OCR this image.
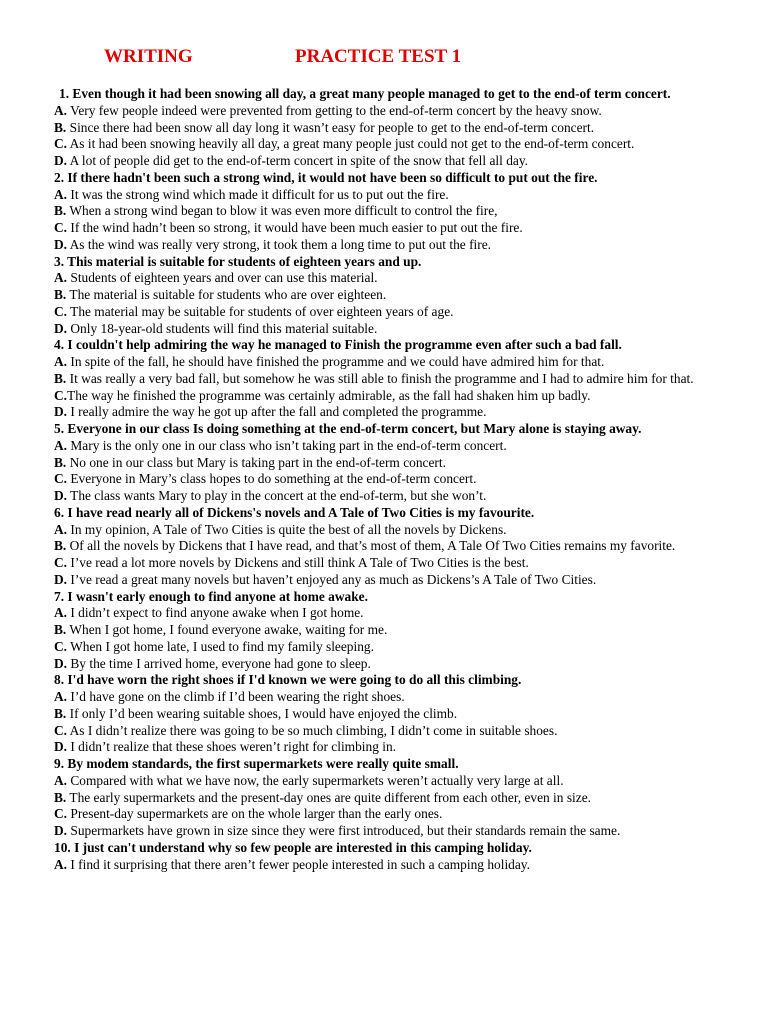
WRITING	PRACTICE TEST 1
1. Even though it had been snowing all day, a great many people managed to get to the end-of term concert.
A. Very few people indeed were prevented from getting to the end-of-term concert by the heavy snow.
B. Since there had been snow all day long it wasn’t easy for people to get to the end-of-term concert.
C. As it had been snowing heavily all day, a great many people just could not get to the end-of-term concert.
D. A lot of people did get to the end-of-term concert in spite of the snow that fell all day.
2. If there hadn't been such a strong wind, it would not have been so difficult to put out the fire.
A. It was the strong wind which made it difficult for us to put out the fire.
B. When a strong wind began to blow it was even more difficult to control the fire,
C. If the wind hadn’t been so strong, it would have been much easier to put out the fire.
D. As the wind was really very strong, it took them a long time to put out the fire.
3. This material is suitable for students of eighteen years and up.
A. Students of eighteen years and over can use this material.
B. The material is suitable for students who are over eighteen.
C. The material may be suitable for students of over eighteen years of age.
D. Only 18-year-old students will find this material suitable.
4. I couldn't help admiring the way he managed to Finish the programme even after such a bad fall.
A. In spite of the fall, he should have finished the programme and we could have admired him for that.
B. It was really a very bad fall, but somehow he was still able to finish the programme and I had to admire him for that.
C.The way he finished the programme was certainly admirable, as the fall had shaken him up badly.
D. I really admire the way he got up after the fall and completed the programme.
5. Everyone in our class Is doing something at the end-of-term concert, but Mary alone is staying away.
A. Mary is the only one in our class who isn’t taking part in the end-of-term concert.
B. No one in our class but Mary is taking part in the end-of-term concert.
C. Everyone in Mary’s class hopes to do something at the end-of-term concert.
D. The class wants Mary to play in the concert at the end-of-term, but she won’t.
6. I have read nearly all of Dickens's novels and A Tale of Two Cities is my favourite.
A. In my opinion, A Tale of Two Cities is quite the best of all the novels by Dickens.
B. Of all the novels by Dickens that I have read, and that’s most of them, A Tale Of Two Cities remains my favorite.
C. I’ve read a lot more novels by Dickens and still think A Tale of Two Cities is the best.
D. I’ve read a great many novels but haven’t enjoyed any as much as Dickens’s A Tale of Two Cities.
7. I wasn't early enough to find anyone at home awake.
A. I didn’t expect to find anyone awake when I got home.
B. When I got home, I found everyone awake, waiting for me.
C. When I got home late, I used to find my family sleeping.
D. By the time I arrived home, everyone had gone to sleep.
8. I'd have worn the right shoes if I'd known we were going to do all this climbing.
A. I’d have gone on the climb if I’d been wearing the right shoes.
B. If only I’d been wearing suitable shoes, I would have enjoyed the climb.
C. As I didn’t realize there was going to be so much climbing, I didn’t come in suitable shoes.
D. I didn’t realize that these shoes weren’t right for climbing in.
9. By modem standards, the first supermarkets were really quite small.
A. Compared with what we have now, the early supermarkets weren’t actually very large at all.
B. The early supermarkets and the present-day ones are quite different from each other, even in size.
C. Present-day supermarkets are on the whole larger than the early ones.
D. Supermarkets have grown in size since they were first introduced, but their standards remain the same.
10. I just can't understand why so few people are interested in this camping holiday.
A. I find it surprising that there aren’t fewer people interested in such a camping holiday.
